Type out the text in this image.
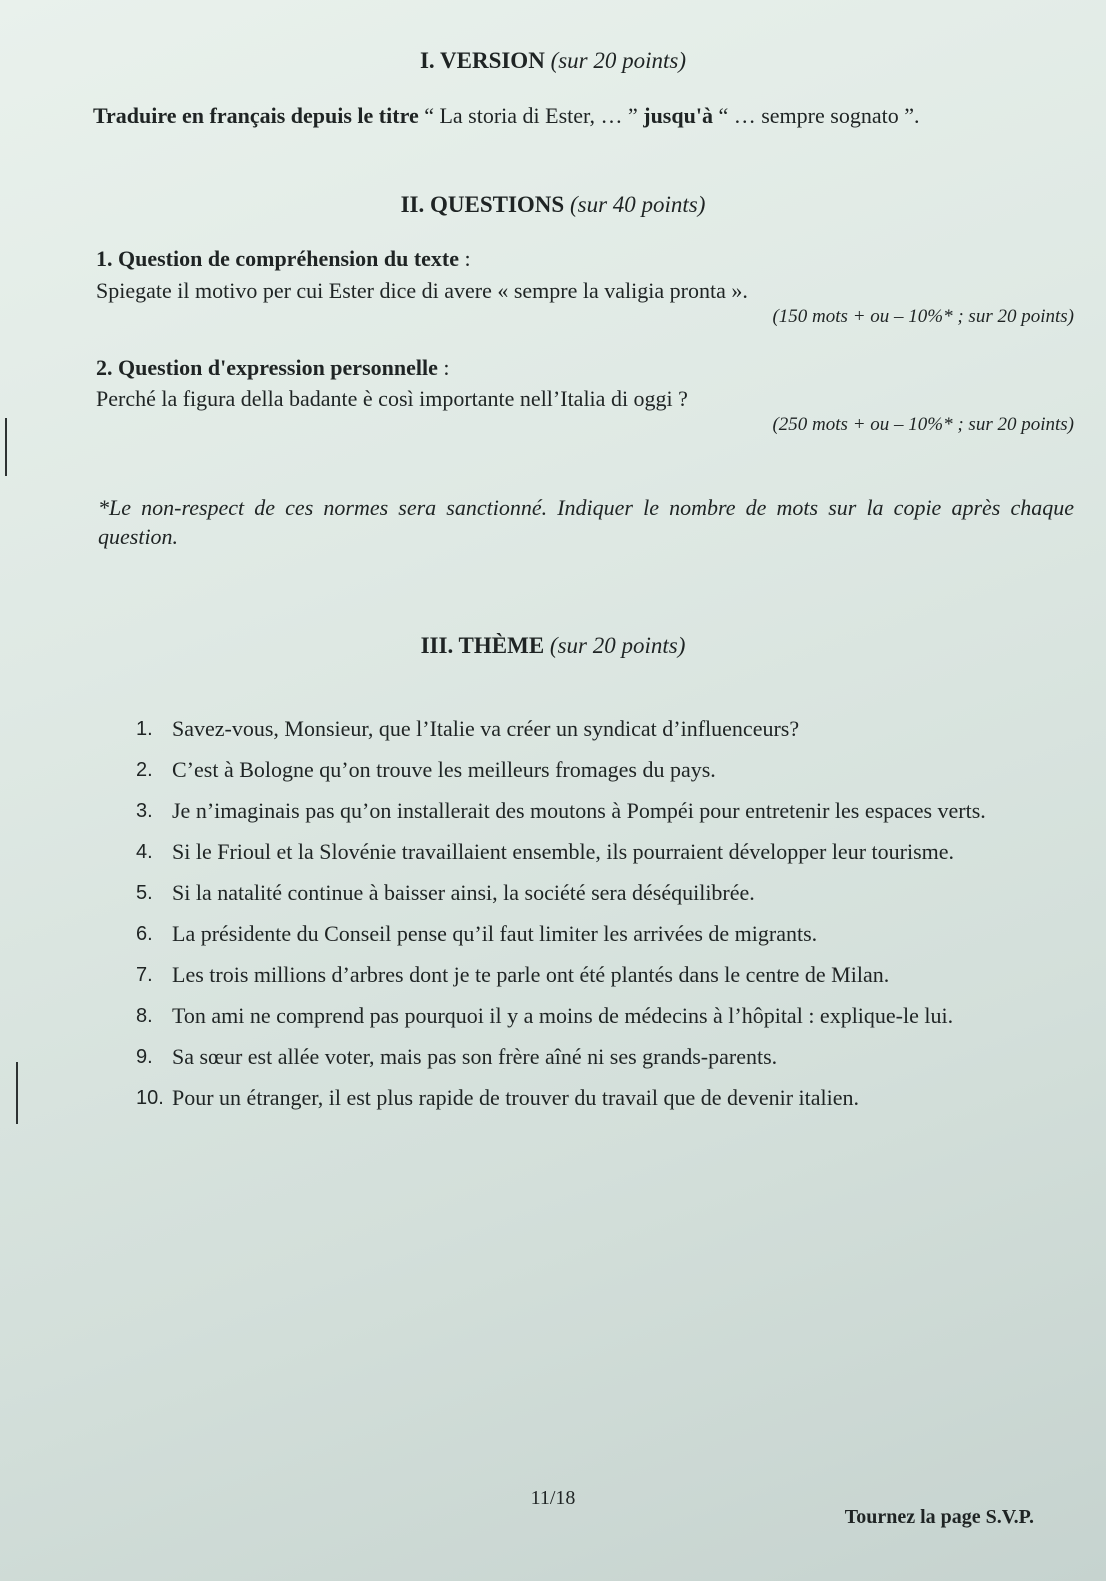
I. VERSION (sur 20 points)
Traduire en français depuis le titre “ La storia di Ester, … ” jusqu'à “ … sempre sognato ”.
II. QUESTIONS (sur 40 points)
1. Question de compréhension du texte :
Spiegate il motivo per cui Ester dice di avere « sempre la valigia pronta ».
(150 mots + ou – 10%* ; sur 20 points)
2. Question d'expression personnelle :
Perché la figura della badante è così importante nell’Italia di oggi ?
(250 mots + ou – 10%* ; sur 20 points)
*Le non-respect de ces normes sera sanctionné. Indiquer le nombre de mots sur la copie après chaque question.
III. THÈME (sur 20 points)
1. Savez-vous, Monsieur, que l’Italie va créer un syndicat d’influenceurs?
2. C’est à Bologne qu’on trouve les meilleurs fromages du pays.
3. Je n’imaginais pas qu’on installerait des moutons à Pompéi pour entretenir les espaces verts.
4. Si le Frioul et la Slovénie travaillaient ensemble, ils pourraient développer leur tourisme.
5. Si la natalité continue à baisser ainsi, la société sera déséquilibrée.
6. La présidente du Conseil pense qu’il faut limiter les arrivées de migrants.
7. Les trois millions d’arbres dont je te parle ont été plantés dans le centre de Milan.
8. Ton ami ne comprend pas pourquoi il y a moins de médecins à l’hôpital : explique-le lui.
9. Sa sœur est allée voter, mais pas son frère aîné ni ses grands-parents.
10. Pour un étranger, il est plus rapide de trouver du travail que de devenir italien.
11/18
Tournez la page S.V.P.
